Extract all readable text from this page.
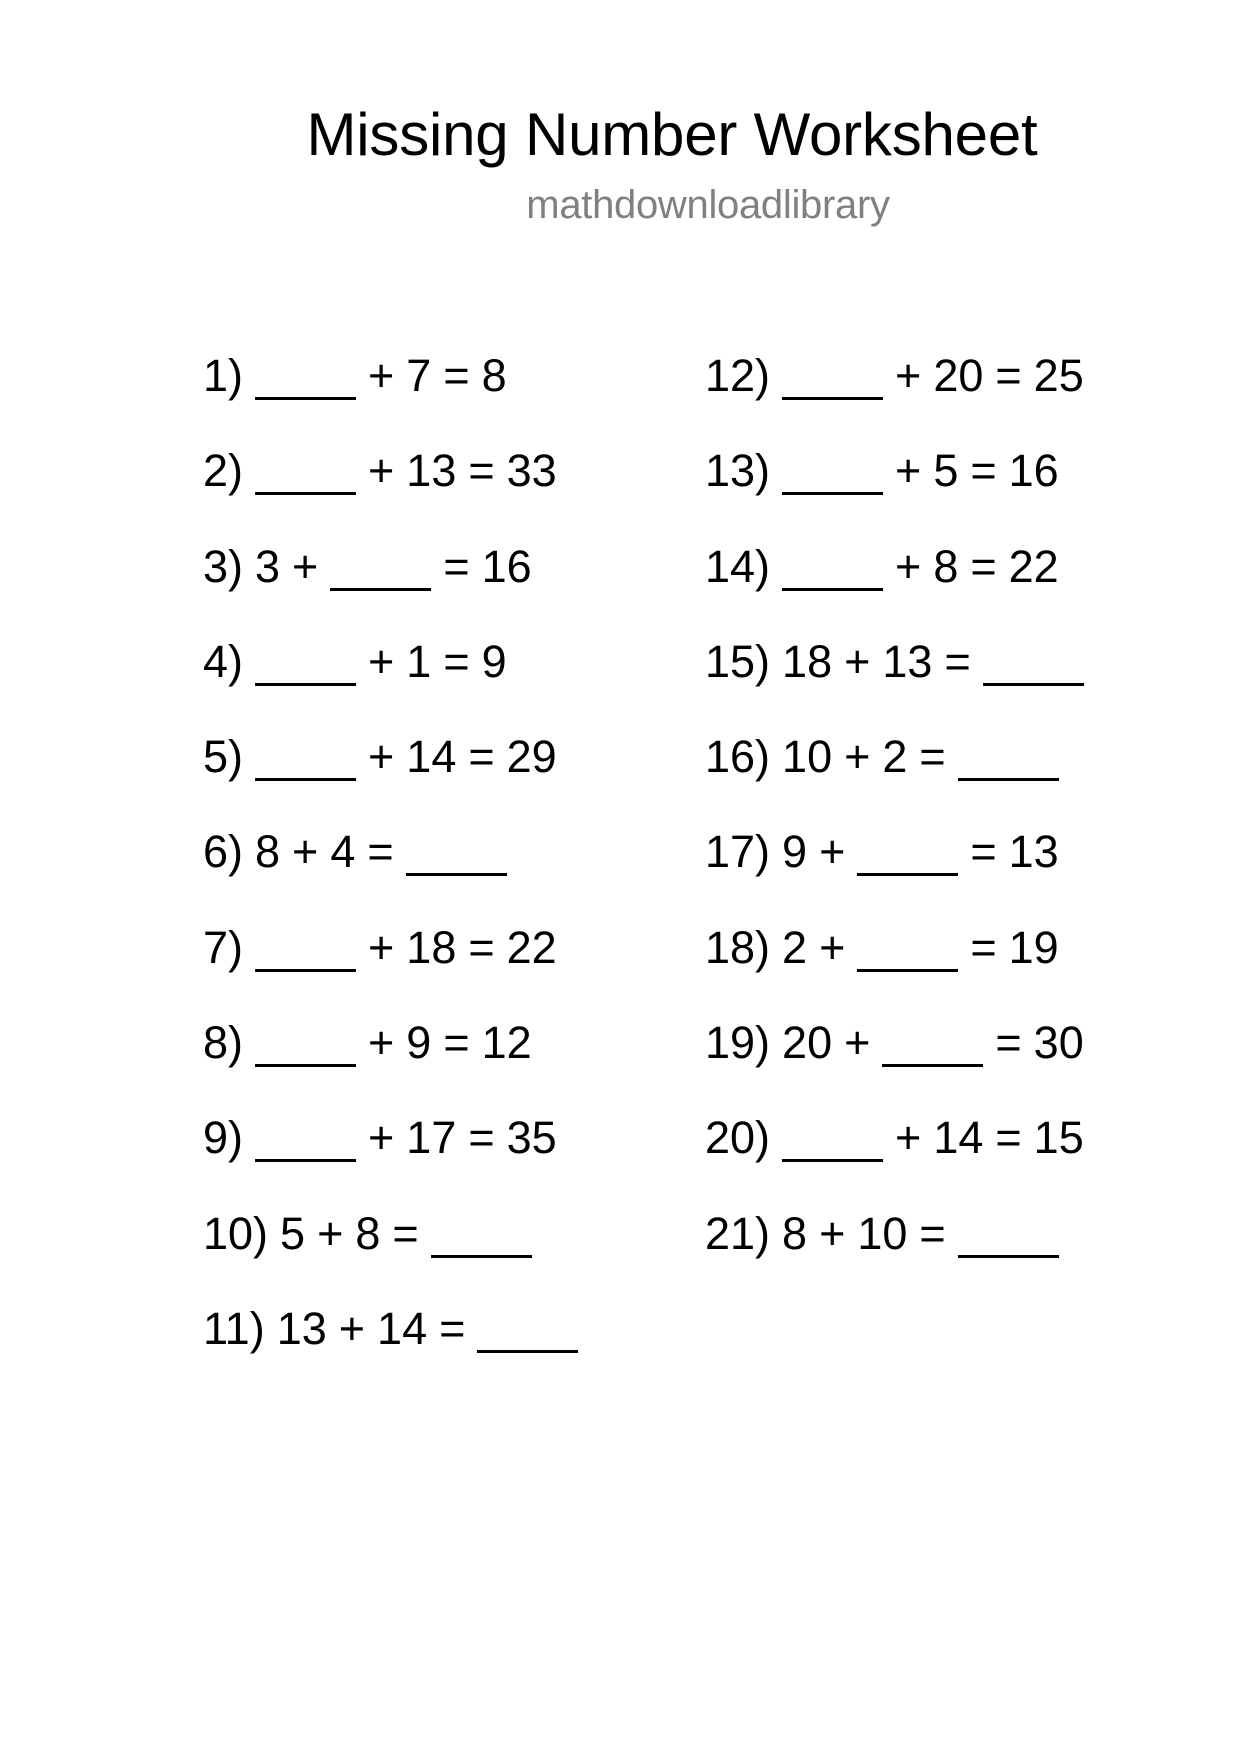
Missing Number Worksheet
mathdownloadlibrary
1)	+ 7 = 8
2)	+ 13 = 33
3) 3 +	= 16
4)	+ 1 = 9
5)	+ 14 = 29
6) 8 + 4 =
7)	+ 18 = 22
8)	+ 9 = 12
9)	+ 17 = 35
10) 5 + 8 =
11) 13 + 14 =
12)	+ 20 = 25
13)	+ 5 = 16
14)	+ 8 = 22
15) 18 + 13 =
16) 10 + 2 =
17) 9 +	= 13
18) 2 +	= 19
19) 20 +	= 30
20)	+ 14 = 15
21) 8 + 10 =
